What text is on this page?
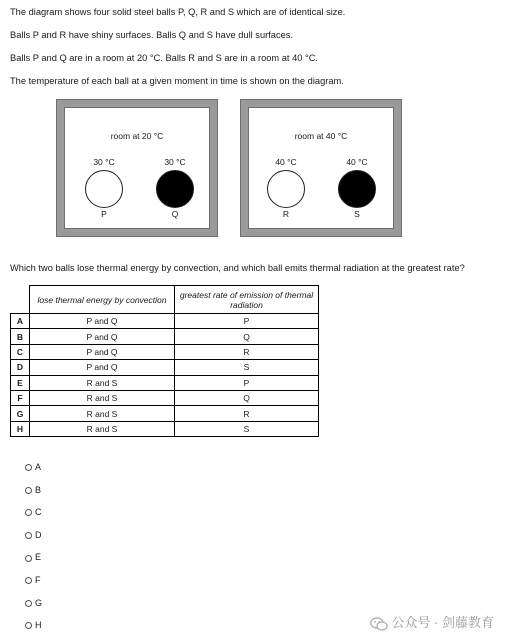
The diagram shows four solid steel balls P, Q, R and S which are of identical size.
Balls P and R have shiny surfaces. Balls Q and S have dull surfaces.
Balls P and Q are in a room at 20 °C. Balls R and S are in a room at 40 °C.
The temperature of each ball at a given moment in time is shown on the diagram.
room at 20 °C
30 °C
P
30 °C
Q
room at 40 °C
40 °C
R
40 °C
S
Which two balls lose thermal energy by convection, and which ball emits thermal radiation at the greatest rate?
	lose thermal energy by convection	greatest rate of emission of thermal radiation
A	P and Q	P
B	P and Q	Q
C	P and Q	R
D	P and Q	S
E	R and S	P
F	R and S	Q
G	R and S	R
H	R and S	S
A
B
C
D
E
F
G
H	公众号 · 剑藤教育
